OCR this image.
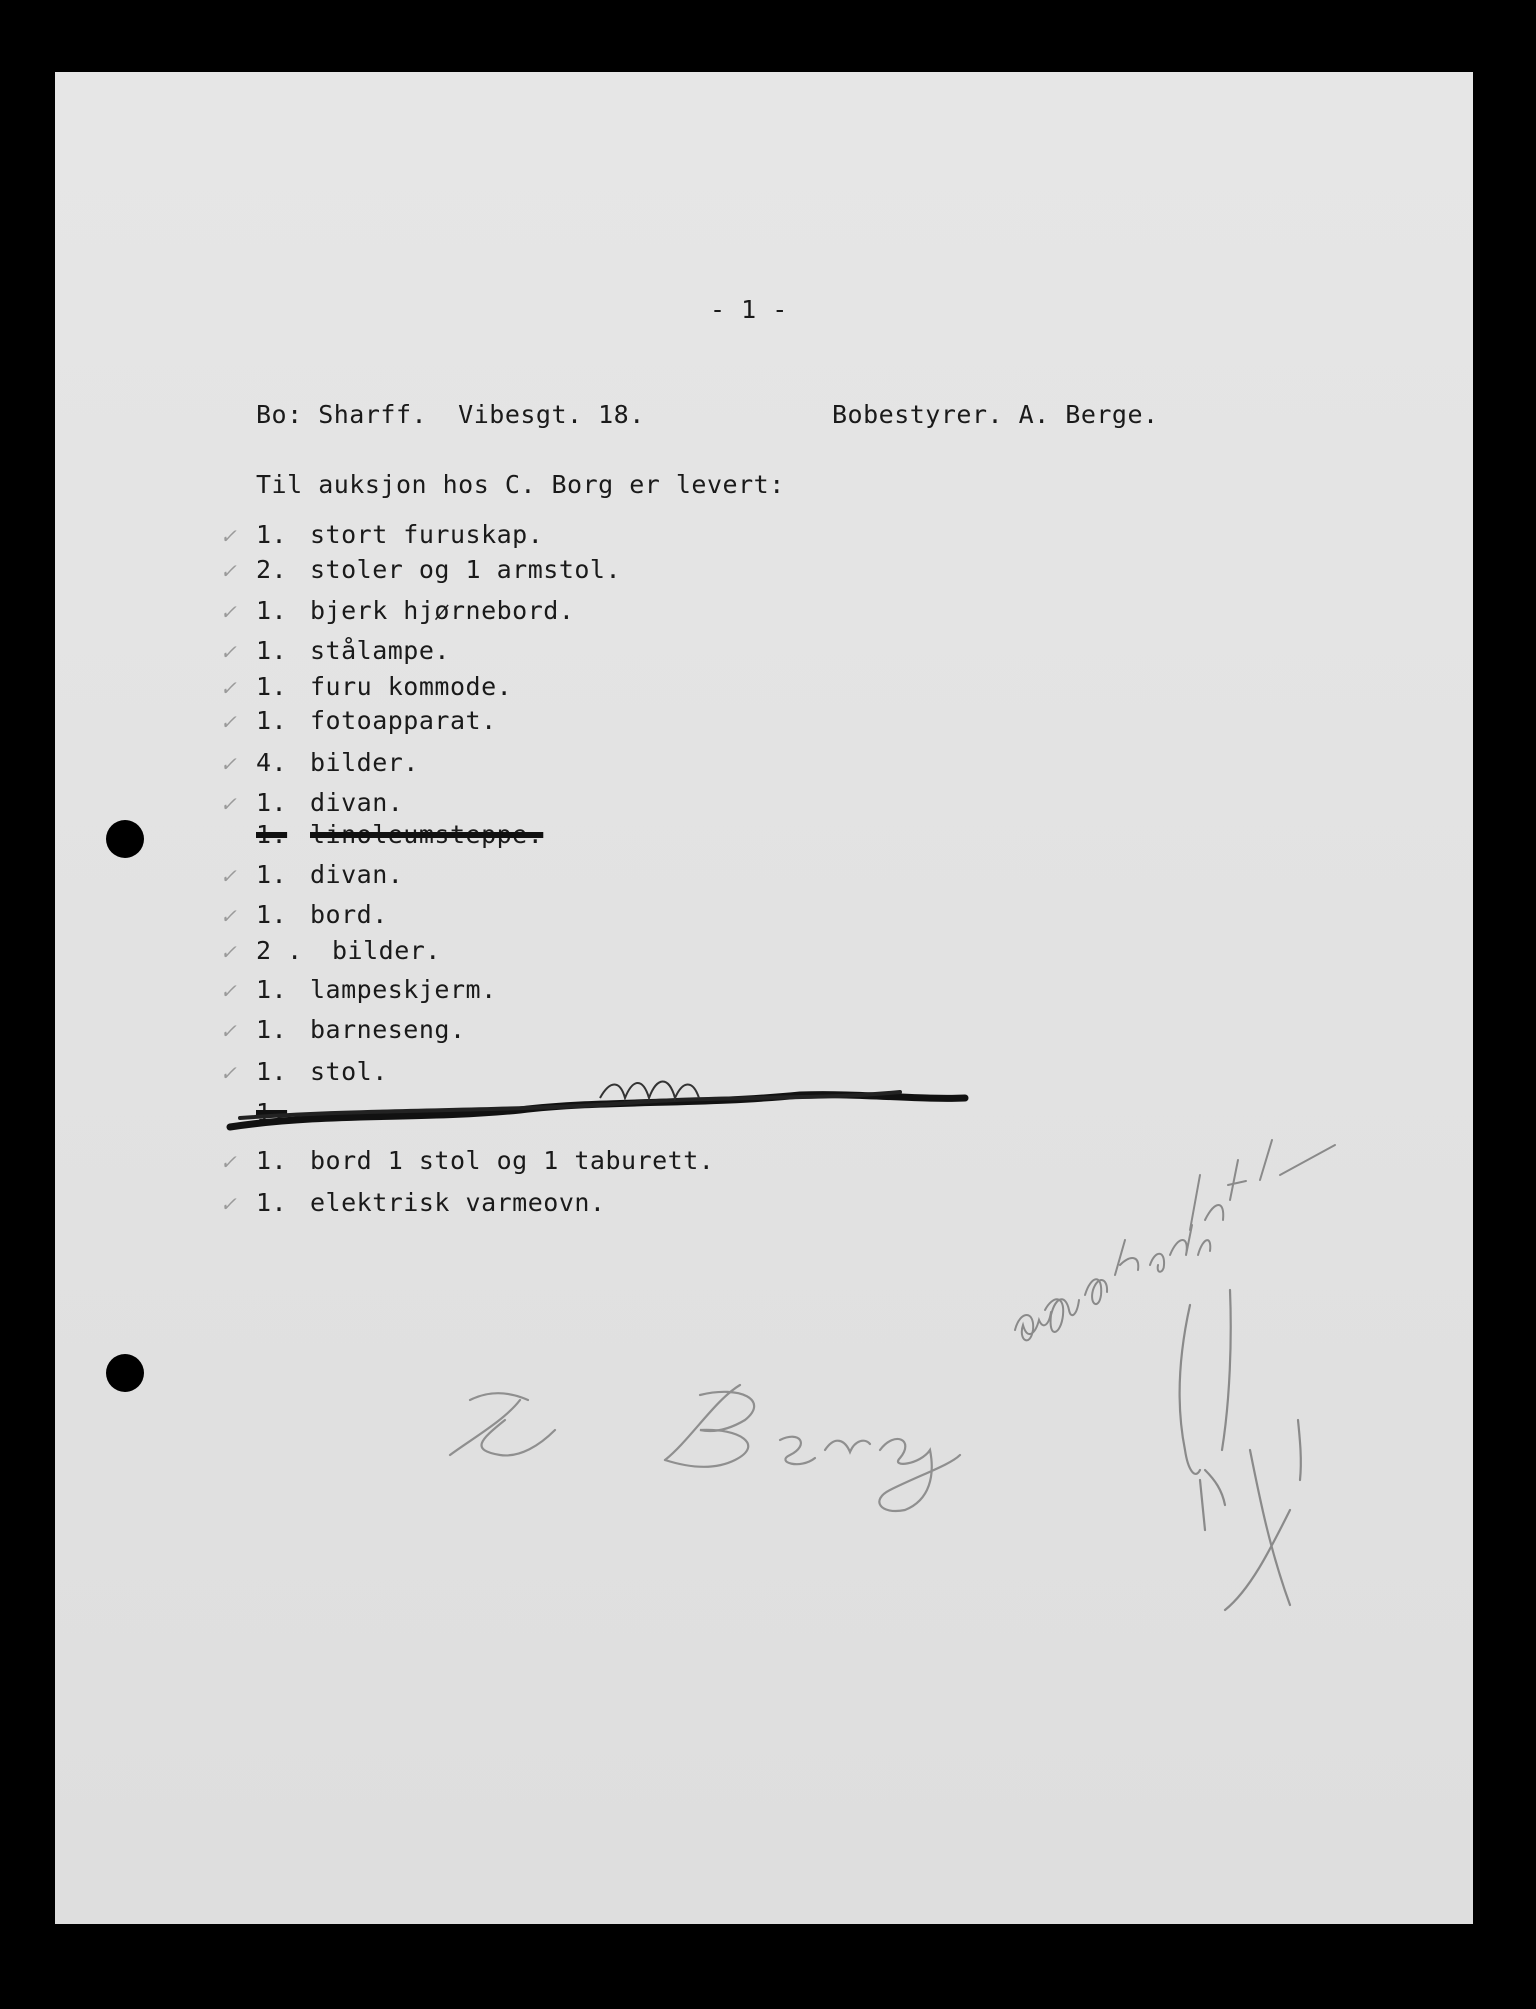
- 1 -
Bo: Sharff.  Vibesgt. 18.	Bobestyrer. A. Berge.
Til auksjon hos C. Borg er levert:
✓ 1. stort furuskap.
✓ 2. stoler og 1 armstol.
✓ 1. bjerk hjørnebord.
✓ 1. stålampe.
✓ 1. furu kommode.
✓ 1. fotoapparat.
✓ 4. bilder.
✓ 1. divan.
1. linoleumsteppe.
✓ 1. divan.
✓ 1. bord.
✓ 2 . bilder.
✓ 1. lampeskjerm.
✓ 1. barneseng.
✓ 1. stol.
1.
✓ 1. bord 1 stol og 1 taburett.
✓ 1. elektrisk varmeovn.
